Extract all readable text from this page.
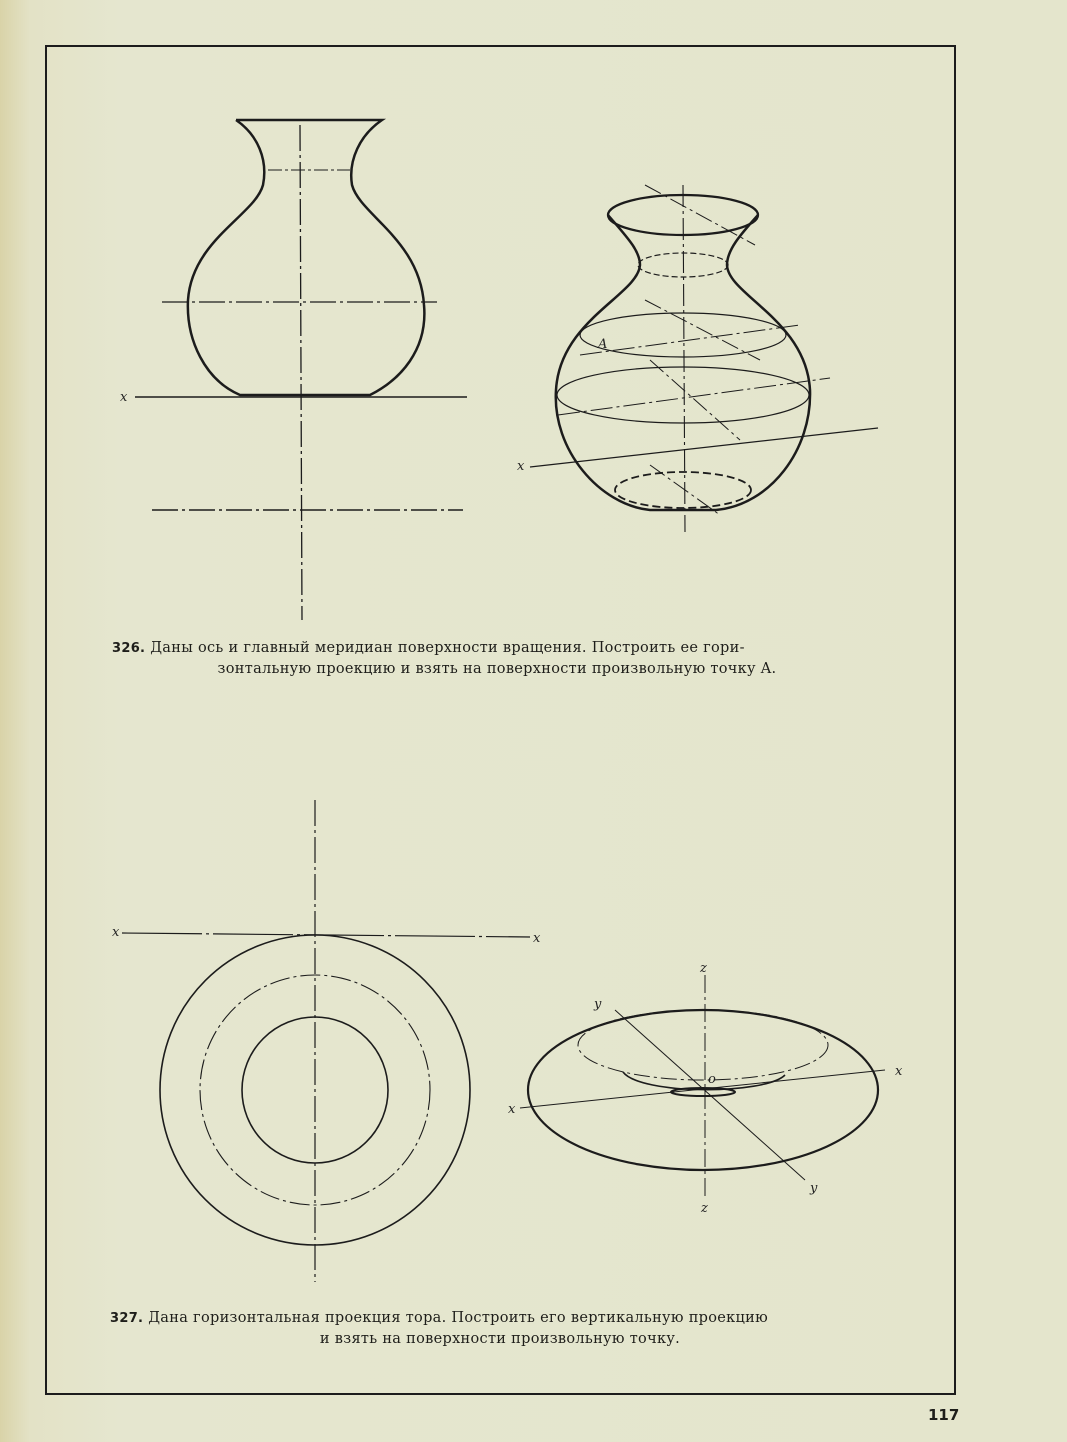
x
A
x
x	x
z
y
x
o
x
y
z
326. Даны ось и главный меридиан поверхности вращения. Построить ее гори-
зонтальную проекцию и взять на поверхности произвольную точку A.
327. Дана горизонтальная проекция тора. Построить его вертикальную проекцию
и взять на поверхности произвольную точку.
117
